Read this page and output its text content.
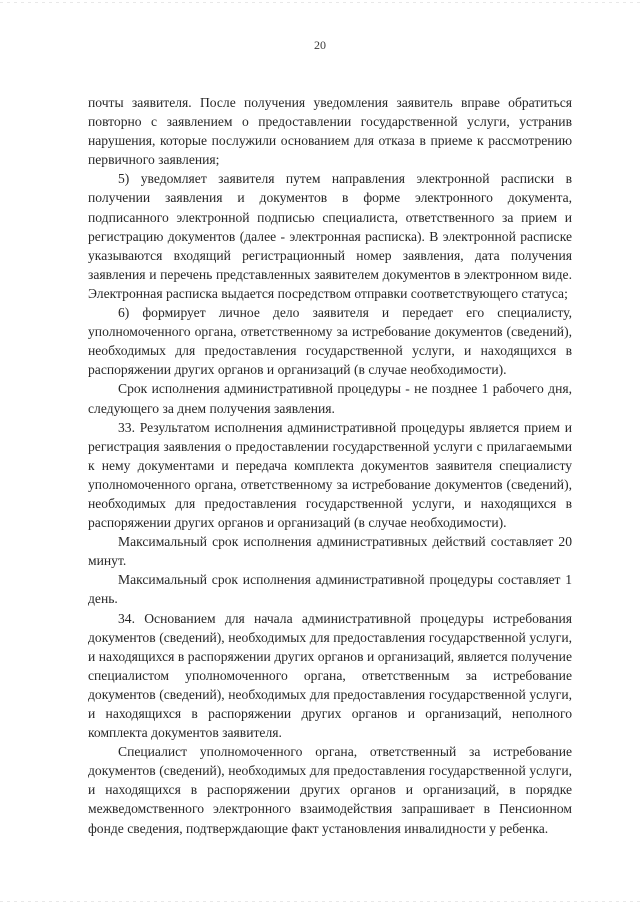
20

почты заявителя. После получения уведомления заявитель вправе обратиться повторно с заявлением о предоставлении государственной услуги, устранив нарушения, которые послужили основанием для отказа в приеме к рассмотрению первичного заявления;

5) уведомляет заявителя путем направления электронной расписки в получении заявления и документов в форме электронного документа, подписанного электронной подписью специалиста, ответственного за прием и регистрацию документов (далее - электронная расписка). В электронной расписке указываются входящий регистрационный номер заявления, дата получения заявления и перечень представленных заявителем документов в электронном виде. Электронная расписка выдается посредством отправки соответствующего статуса;

6) формирует личное дело заявителя и передает его специалисту, уполномоченного органа, ответственному за истребование документов (сведений), необходимых для предоставления государственной услуги, и находящихся в распоряжении других органов и организаций (в случае необходимости).

Срок исполнения административной процедуры - не позднее 1 рабочего дня, следующего за днем получения заявления.

33. Результатом исполнения административной процедуры является прием и регистрация заявления о предоставлении государственной услуги с прилагаемыми к нему документами и передача комплекта документов заявителя специалисту уполномоченного органа, ответственному за истребование документов (сведений), необходимых для предоставления государственной услуги, и находящихся в распоряжении других органов и организаций (в случае необходимости).

Максимальный срок исполнения административных действий составляет 20 минут.

Максимальный срок исполнения административной процедуры составляет 1 день.

34. Основанием для начала административной процедуры истребования документов (сведений), необходимых для предоставления государственной услуги, и находящихся в распоряжении других органов и организаций, является получение специалистом уполномоченного органа, ответственным за истребование документов (сведений), необходимых для предоставления государственной услуги, и находящихся в распоряжении других органов и организаций, неполного комплекта документов заявителя.

Специалист уполномоченного органа, ответственный за истребование документов (сведений), необходимых для предоставления государственной услуги, и находящихся в распоряжении других органов и организаций, в порядке межведомственного электронного взаимодействия запрашивает в Пенсионном фонде сведения, подтверждающие факт установления инвалидности у ребенка.
